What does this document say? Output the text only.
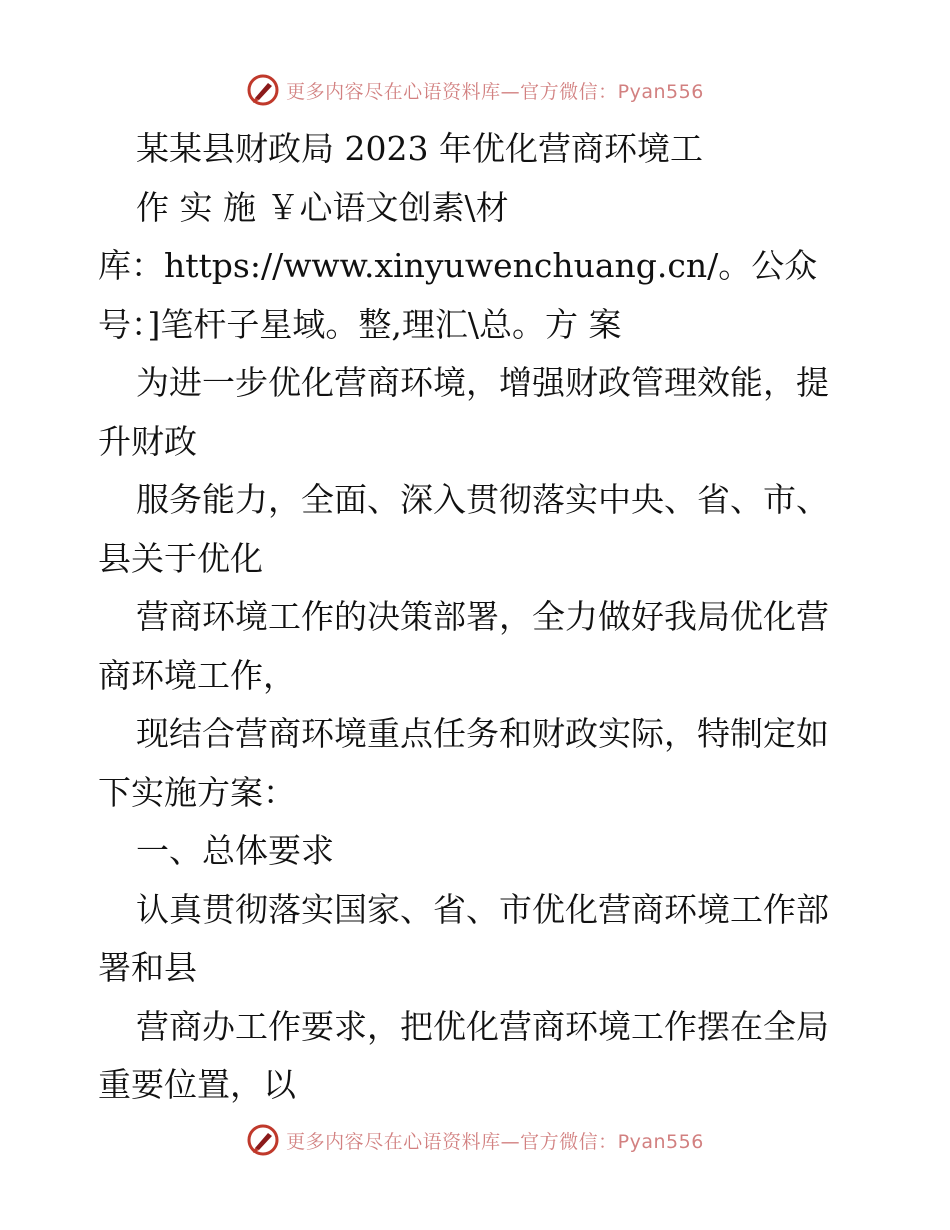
更多内容尽在心语资料库—官方微信：Pyan556
某某县财政局 2023 年优化营商环境工
作 实 施 ￥心语文创素\材
库：https://www.xinyuwenchuang.cn/。公众
号：]笔杆子星域。整,理汇\总。方 案
为进一步优化营商环境，增强财政管理效能，提
升财政
服务能力，全面、深入贯彻落实中央、省、市、
县关于优化
营商环境工作的决策部署，全力做好我局优化营
商环境工作，
现结合营商环境重点任务和财政实际，特制定如
下实施方案：
一、总体要求
认真贯彻落实国家、省、市优化营商环境工作部
署和县
营商办工作要求，把优化营商环境工作摆在全局
重要位置，以
更多内容尽在心语资料库—官方微信：Pyan556
